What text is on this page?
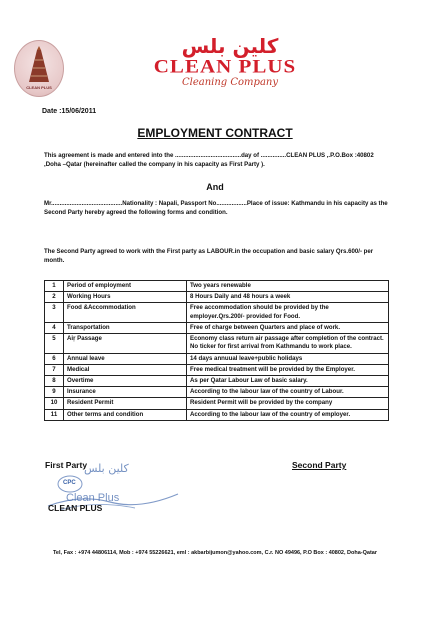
CLEAN PLUS
كلين بلس
CLEAN PLUS
Cleaning Company
Date :15/06/2011
EMPLOYMENT CONTRACT
This agreement is made and entered into the .......................................day of ...............CLEAN PLUS ,.P.O.Box :40802 ,Doha –Qatar (hereinafter called the company in his capacity as First Party ).
And
Mr..........................................Nationality : Napali, Passport No..................Place of issue: Kathmandu in his capacity as the Second Party hereby agreed the following forms and condition.
The Second Party agreed to work with the First party as LABOUR.in the occupation and basic salary Qrs.600/- per month.
1	Period of employment	Two years renewable
2	Working Hours	8 Hours Daily and 48 hours a week
3	Food &Accommodation	Free accommodation should be provided by the employer.Qrs.200/- provided for Food.
4	Transportation	Free of charge between Quarters and place of work.
5	Aiŗ Passage	Economy class return air passage after completion of the contract. No ticker for first arrival from Kathmandu to work place.
6	Annual leave	14 days annuual leave+public holidays
7	Medical	Free medical treatment will be provided by the Employer.
8	Overtime	As per Qatar Labour Law of basic salary.
9	Insurance	According to the labour law of the country of Labour.
10	Resident Permit	Resident Permit will be provided by the company
11	Other terms and condition	According to the labour law of the country of employer.
كلين بلس
CPC
Clean Plus
First Party	Second Party
CLEAN PLUS
Tel, Fax : +974 44806114, Mob : +974 55226621, eml : akbarbijumon@yahoo.com, C.r. NO 49496, P.O Box : 40802, Doha-Qatar
